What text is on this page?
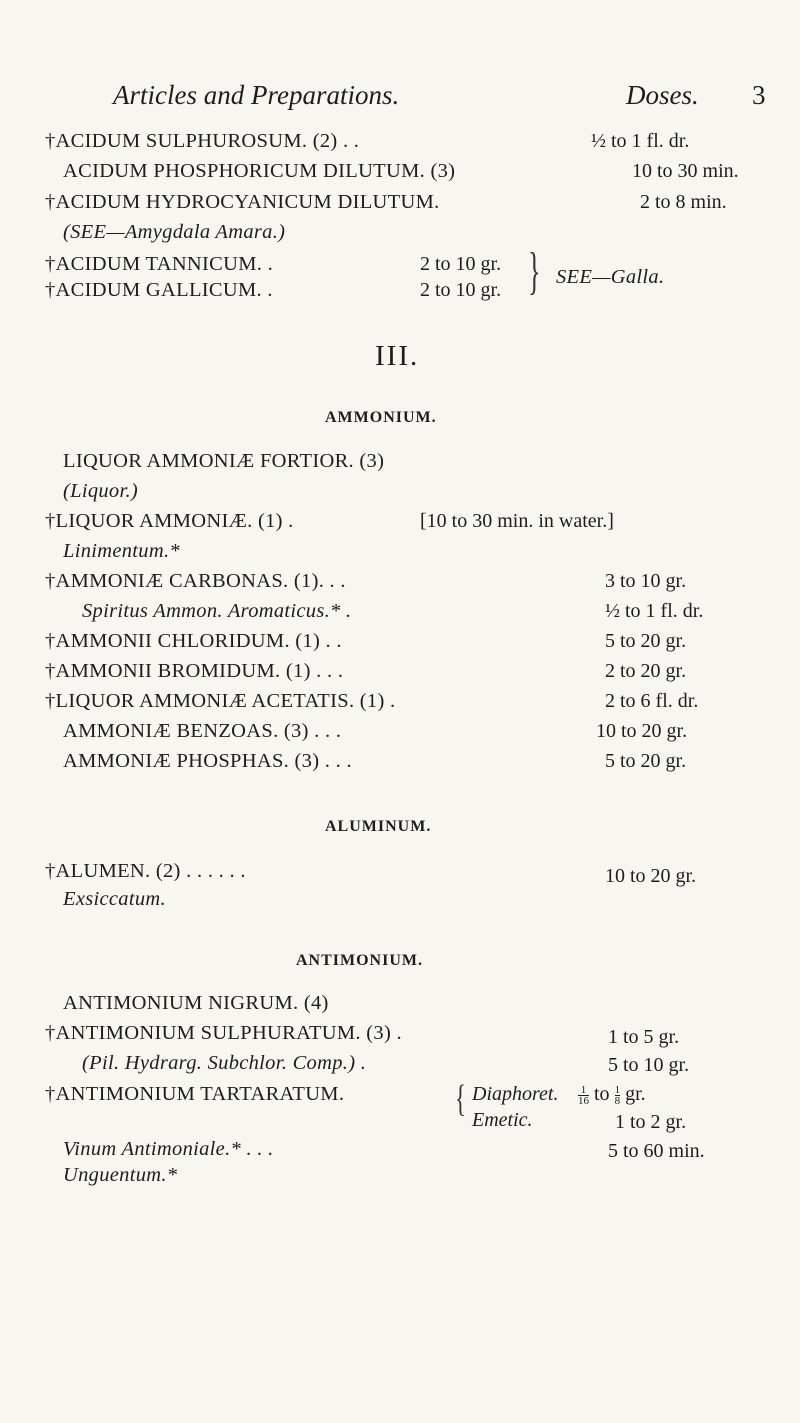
Articles and Preparations.	Doses. 3
†ACIDUM SULPHUROSUM. (2) . .	½ to 1 fl. dr.
ACIDUM PHOSPHORICUM DILUTUM. (3)	10 to 30 min.
†ACIDUM HYDROCYANICUM DILUTUM.	2 to 8 min.
(SEE—Amygdala Amara.)
†ACIDUM TANNICUM. .	2 to 10 gr.
†ACIDUM GALLICUM. .	2 to 10 gr. } SEE—Galla.
III.
AMMONIUM.
LIQUOR AMMONIÆ FORTIOR. (3)
(Liquor.)
†LIQUOR AMMONIÆ. (1) .	[10 to 30 min. in water.]
Linimentum.*
†AMMONIÆ CARBONAS. (1). . .	3 to 10 gr.
Spiritus Ammon. Aromaticus.* .	½ to 1 fl. dr.
†AMMONII CHLORIDUM. (1) . .	5 to 20 gr.
†AMMONII BROMIDUM. (1) . . .	2 to 20 gr.
†LIQUOR AMMONIÆ ACETATIS. (1) .	2 to 6 fl. dr.
AMMONIÆ BENZOAS. (3) . . .	10 to 20 gr.
AMMONIÆ PHOSPHAS. (3) . . .	5 to 20 gr.
ALUMINUM.
†ALUMEN. (2) . . . . . .	10 to 20 gr.
Exsiccatum.
ANTIMONIUM.
ANTIMONIUM NIGRUM. (4)
†ANTIMONIUM SULPHURATUM. (3) .	1 to 5 gr.
(Pil. Hydrarg. Subchlor. Comp.) .	5 to 10 gr.
†ANTIMONIUM TARTARATUM.	{ Diaphoret. $\frac{1}{16}$ to $\frac{1}{8}$ gr.
Emetic.	1 to 2 gr.
Vinum Antimoniale.* . . .	5 to 60 min.
Unguentum.*
